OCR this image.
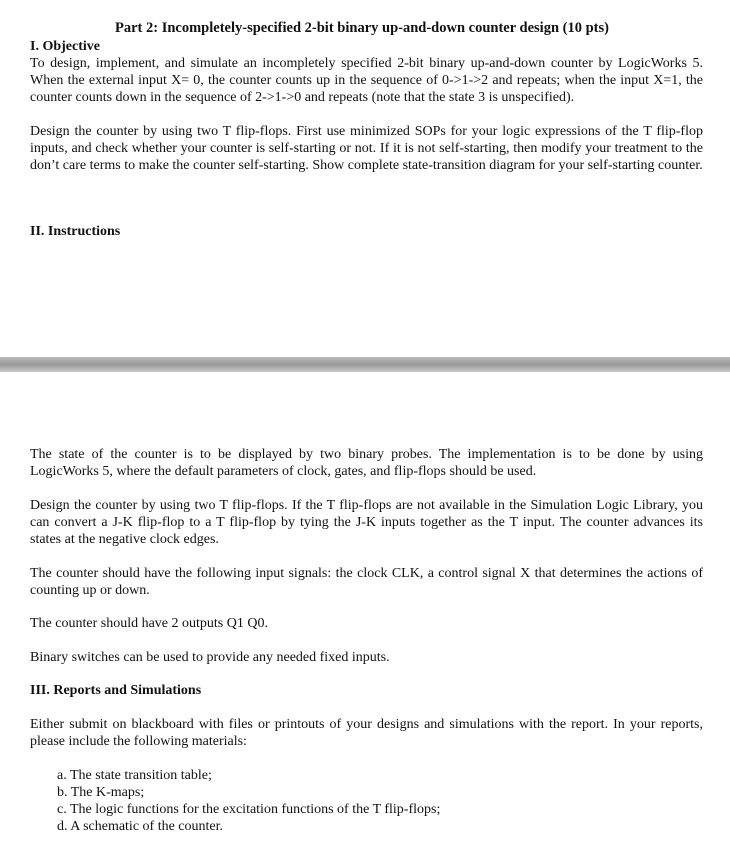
Part 2: Incompletely-specified 2-bit binary up-and-down counter design (10 pts)
I. Objective

To design, implement, and simulate an incompletely specified 2-bit binary up-and-down counter by LogicWorks 5. When the external input X= 0, the counter counts up in the sequence of 0->1->2 and repeats; when the input X=1, the counter counts down in the sequence of 2->1->0 and repeats (note that the state 3 is unspecified).

Design the counter by using two T flip-flops. First use minimized SOPs for your logic expressions of the T flip-flop inputs, and check whether your counter is self-starting or not. If it is not self-starting, then modify your treatment to the don’t care terms to make the counter self-starting. Show complete state-transition diagram for your self-starting counter.

II. Instructions

The state of the counter is to be displayed by two binary probes. The implementation is to be done by using LogicWorks 5, where the default parameters of clock, gates, and flip-flops should be used.

Design the counter by using two T flip-flops. If the T flip-flops are not available in the Simulation Logic Library, you can convert a J-K flip-flop to a T flip-flop by tying the J-K inputs together as the T input. The counter advances its states at the negative clock edges.

The counter should have the following input signals: the clock CLK, a control signal X that determines the actions of counting up or down.

The counter should have 2 outputs Q1 Q0.

Binary switches can be used to provide any needed fixed inputs.

III. Reports and Simulations

Either submit on blackboard with files or printouts of your designs and simulations with the report. In your reports, please include the following materials:

a. The state transition table;
b. The K-maps;
c. The logic functions for the excitation functions of the T flip-flops;
d. A schematic of the counter.
